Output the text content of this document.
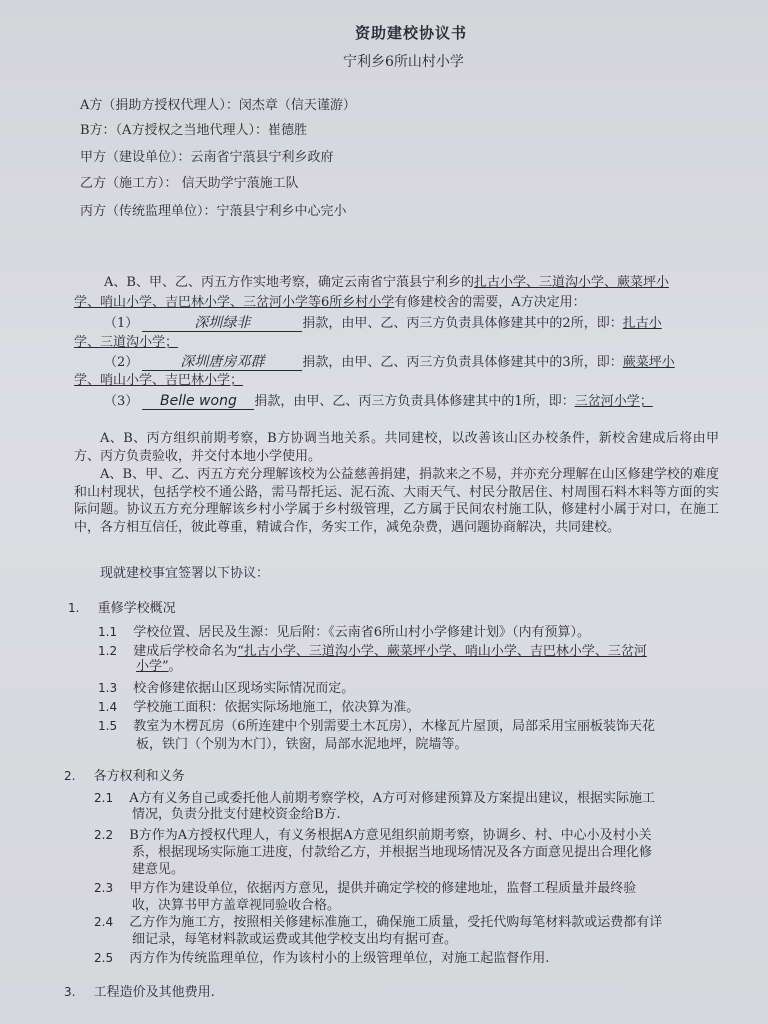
资助建校协议书
宁利乡6所山村小学
A方（捐助方授权代理人）：闵杰章（信天谨游）
B方：（A方授权之当地代理人）：崔德胜
甲方（建设单位）：云南省宁蒗县宁利乡政府
乙方（施工方）： 信天助学宁蒗施工队
丙方（传统监理单位）：宁蒗县宁利乡中心完小
A、B、甲、乙、丙五方作实地考察，确定云南省宁蒗县宁利乡的扎古小学、三道沟小学、蕨菜坪小
学、哨山小学、吉巴林小学、三岔河小学等6所乡村小学有修建校舍的需要，A方决定用：
（1）	深圳绿非	捐款，由甲、乙、丙三方负责具体修建其中的2所，即：扎古小
学、三道沟小学；
（2）	深圳唐房邓群	捐款，由甲、乙、丙三方负责具体修建其中的3所，即：蕨菜坪小
学、哨山小学、吉巴林小学；
（3） Belle wong 捐款，由甲、乙、丙三方负责具体修建其中的1所，即：三岔河小学；
A、B、丙方组织前期考察，B方协调当地关系。共同建校，以改善该山区办校条件，新校舍建成后将由甲方、丙方负责验收，并交付本地小学使用。
A、B、甲、乙、丙五方充分理解该校为公益慈善捐建，捐款来之不易，并亦充分理解在山区修建学校的难度和山村现状，包括学校不通公路，需马帮托运、泥石流、大雨天气、村民分散居住、村周围石料木料等方面的实际问题。协议五方充分理解该乡村小学属于乡村级管理，乙方属于民间农村施工队，修建村小属于对口，在施工中，各方相互信任，彼此尊重，精诚合作，务实工作，减免杂费，遇问题协商解决，共同建校。
现就建校事宜签署以下协议：
1. 重修学校概况
1.1 学校位置、居民及生源：见后附：《云南省6所山村小学修建计划》（内有预算）。
1.2 建成后学校命名为“扎古小学、三道沟小学、蕨菜坪小学、哨山小学、吉巴林小学、三岔河
小学”。
1.3 校舍修建依据山区现场实际情况而定。
1.4 学校施工面积：依据实际场地施工，依决算为准。
1.5 教室为木楞瓦房（6所连建中个别需要土木瓦房），木椽瓦片屋顶，局部采用宝丽板装饰天花
板，铁门（个别为木门），铁窗，局部水泥地坪，院墙等。
2. 各方权利和义务
2.1 A方有义务自己或委托他人前期考察学校，A方可对修建预算及方案提出建议，根据实际施工
情况，负责分批支付建校资金给B方.
2.2 B方作为A方授权代理人，有义务根据A方意见组织前期考察，协调乡、村、中心小及村小关
系，根据现场实际施工进度，付款给乙方，并根据当地现场情况及各方面意见提出合理化修
建意见。
2.3 甲方作为建设单位，依据丙方意见，提供并确定学校的修建地址，监督工程质量并最终验
收，决算书甲方盖章视同验收合格。
2.4 乙方作为施工方，按照相关修建标准施工，确保施工质量，受托代购每笔材料款或运费都有详
细记录，每笔材料款或运费或其他学校支出均有据可查。
2.5 丙方作为传统监理单位，作为该村小的上级管理单位，对施工起监督作用.
3. 工程造价及其他费用.
